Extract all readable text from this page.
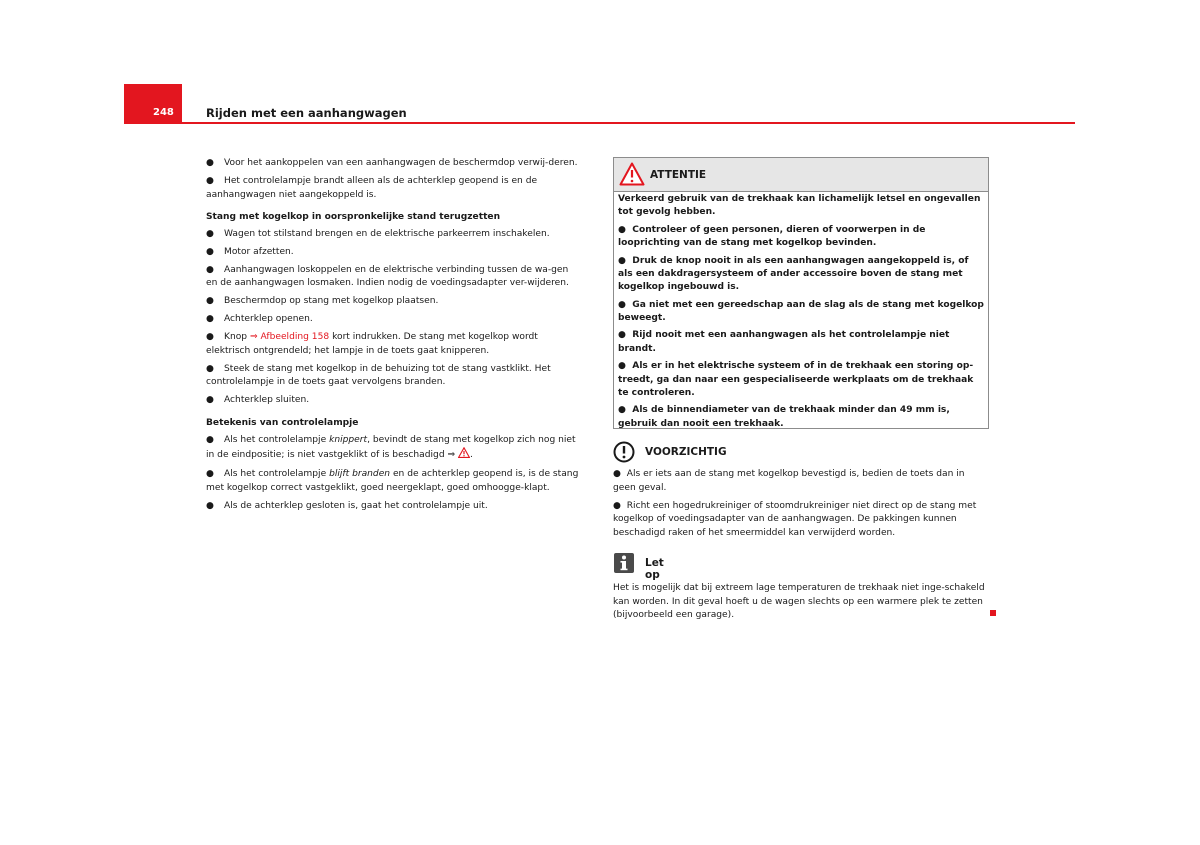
248	Rijden met een aanhangwagen

● Voor het aankoppelen van een aanhangwagen de beschermdop verwij-deren.

● Het controlelampje brandt alleen als de achterklep geopend is en de aanhangwagen niet aangekoppeld is.

Stang met kogelkop in oorspronkelijke stand terugzetten

● Wagen tot stilstand brengen en de elektrische parkeerrem inschakelen.

● Motor afzetten.

● Aanhangwagen loskoppelen en de elektrische verbinding tussen de wa-gen en de aanhangwagen losmaken. Indien nodig de voedingsadapter ver-wijderen.

● Beschermdop op stang met kogelkop plaatsen.

● Achterklep openen.

● Knop ⇒ Afbeelding 158 kort indrukken. De stang met kogelkop wordt elektrisch ontgrendeld; het lampje in de toets gaat knipperen.

● Steek de stang met kogelkop in de behuizing tot de stang vastklikt. Het controlelampje in de toets gaat vervolgens branden.

● Achterklep sluiten.

Betekenis van controlelampje

● Als het controlelampje knippert, bevindt de stang met kogelkop zich nog niet in de eindpositie; is niet vastgeklikt of is beschadigd ⇒ .

● Als het controlelampje blijft branden en de achterklep geopend is, is de stang met kogelkop correct vastgeklikt, goed neergeklapt, goed omhoogge-klapt.

● Als de achterklep gesloten is, gaat het controlelampje uit.

ATTENTIE

Verkeerd gebruik van de trekhaak kan lichamelijk letsel en ongevallen tot gevolg hebben.

● Controleer of geen personen, dieren of voorwerpen in de looprichting van de stang met kogelkop bevinden.

● Druk de knop nooit in als een aanhangwagen aangekoppeld is, of als een dakdragersysteem of ander accessoire boven de stang met kogelkop ingebouwd is.

● Ga niet met een gereedschap aan de slag als de stang met kogelkop beweegt.

● Rijd nooit met een aanhangwagen als het controlelampje niet brandt.

● Als er in het elektrische systeem of in de trekhaak een storing op-treedt, ga dan naar een gespecialiseerde werkplaats om de trekhaak te controleren.

● Als de binnendiameter van de trekhaak minder dan 49 mm is, gebruik dan nooit een trekhaak.

VOORZICHTIG

● Als er iets aan de stang met kogelkop bevestigd is, bedien de toets dan in geen geval.

● Richt een hogedrukreiniger of stoomdrukreiniger niet direct op de stang met kogelkop of voedingsadapter van de aanhangwagen. De pakkingen kunnen beschadigd raken of het smeermiddel kan verwijderd worden.

Let op

Het is mogelijk dat bij extreem lage temperaturen de trekhaak niet inge-schakeld kan worden. In dit geval hoeft u de wagen slechts op een warmere plek te zetten (bijvoorbeeld een garage).
